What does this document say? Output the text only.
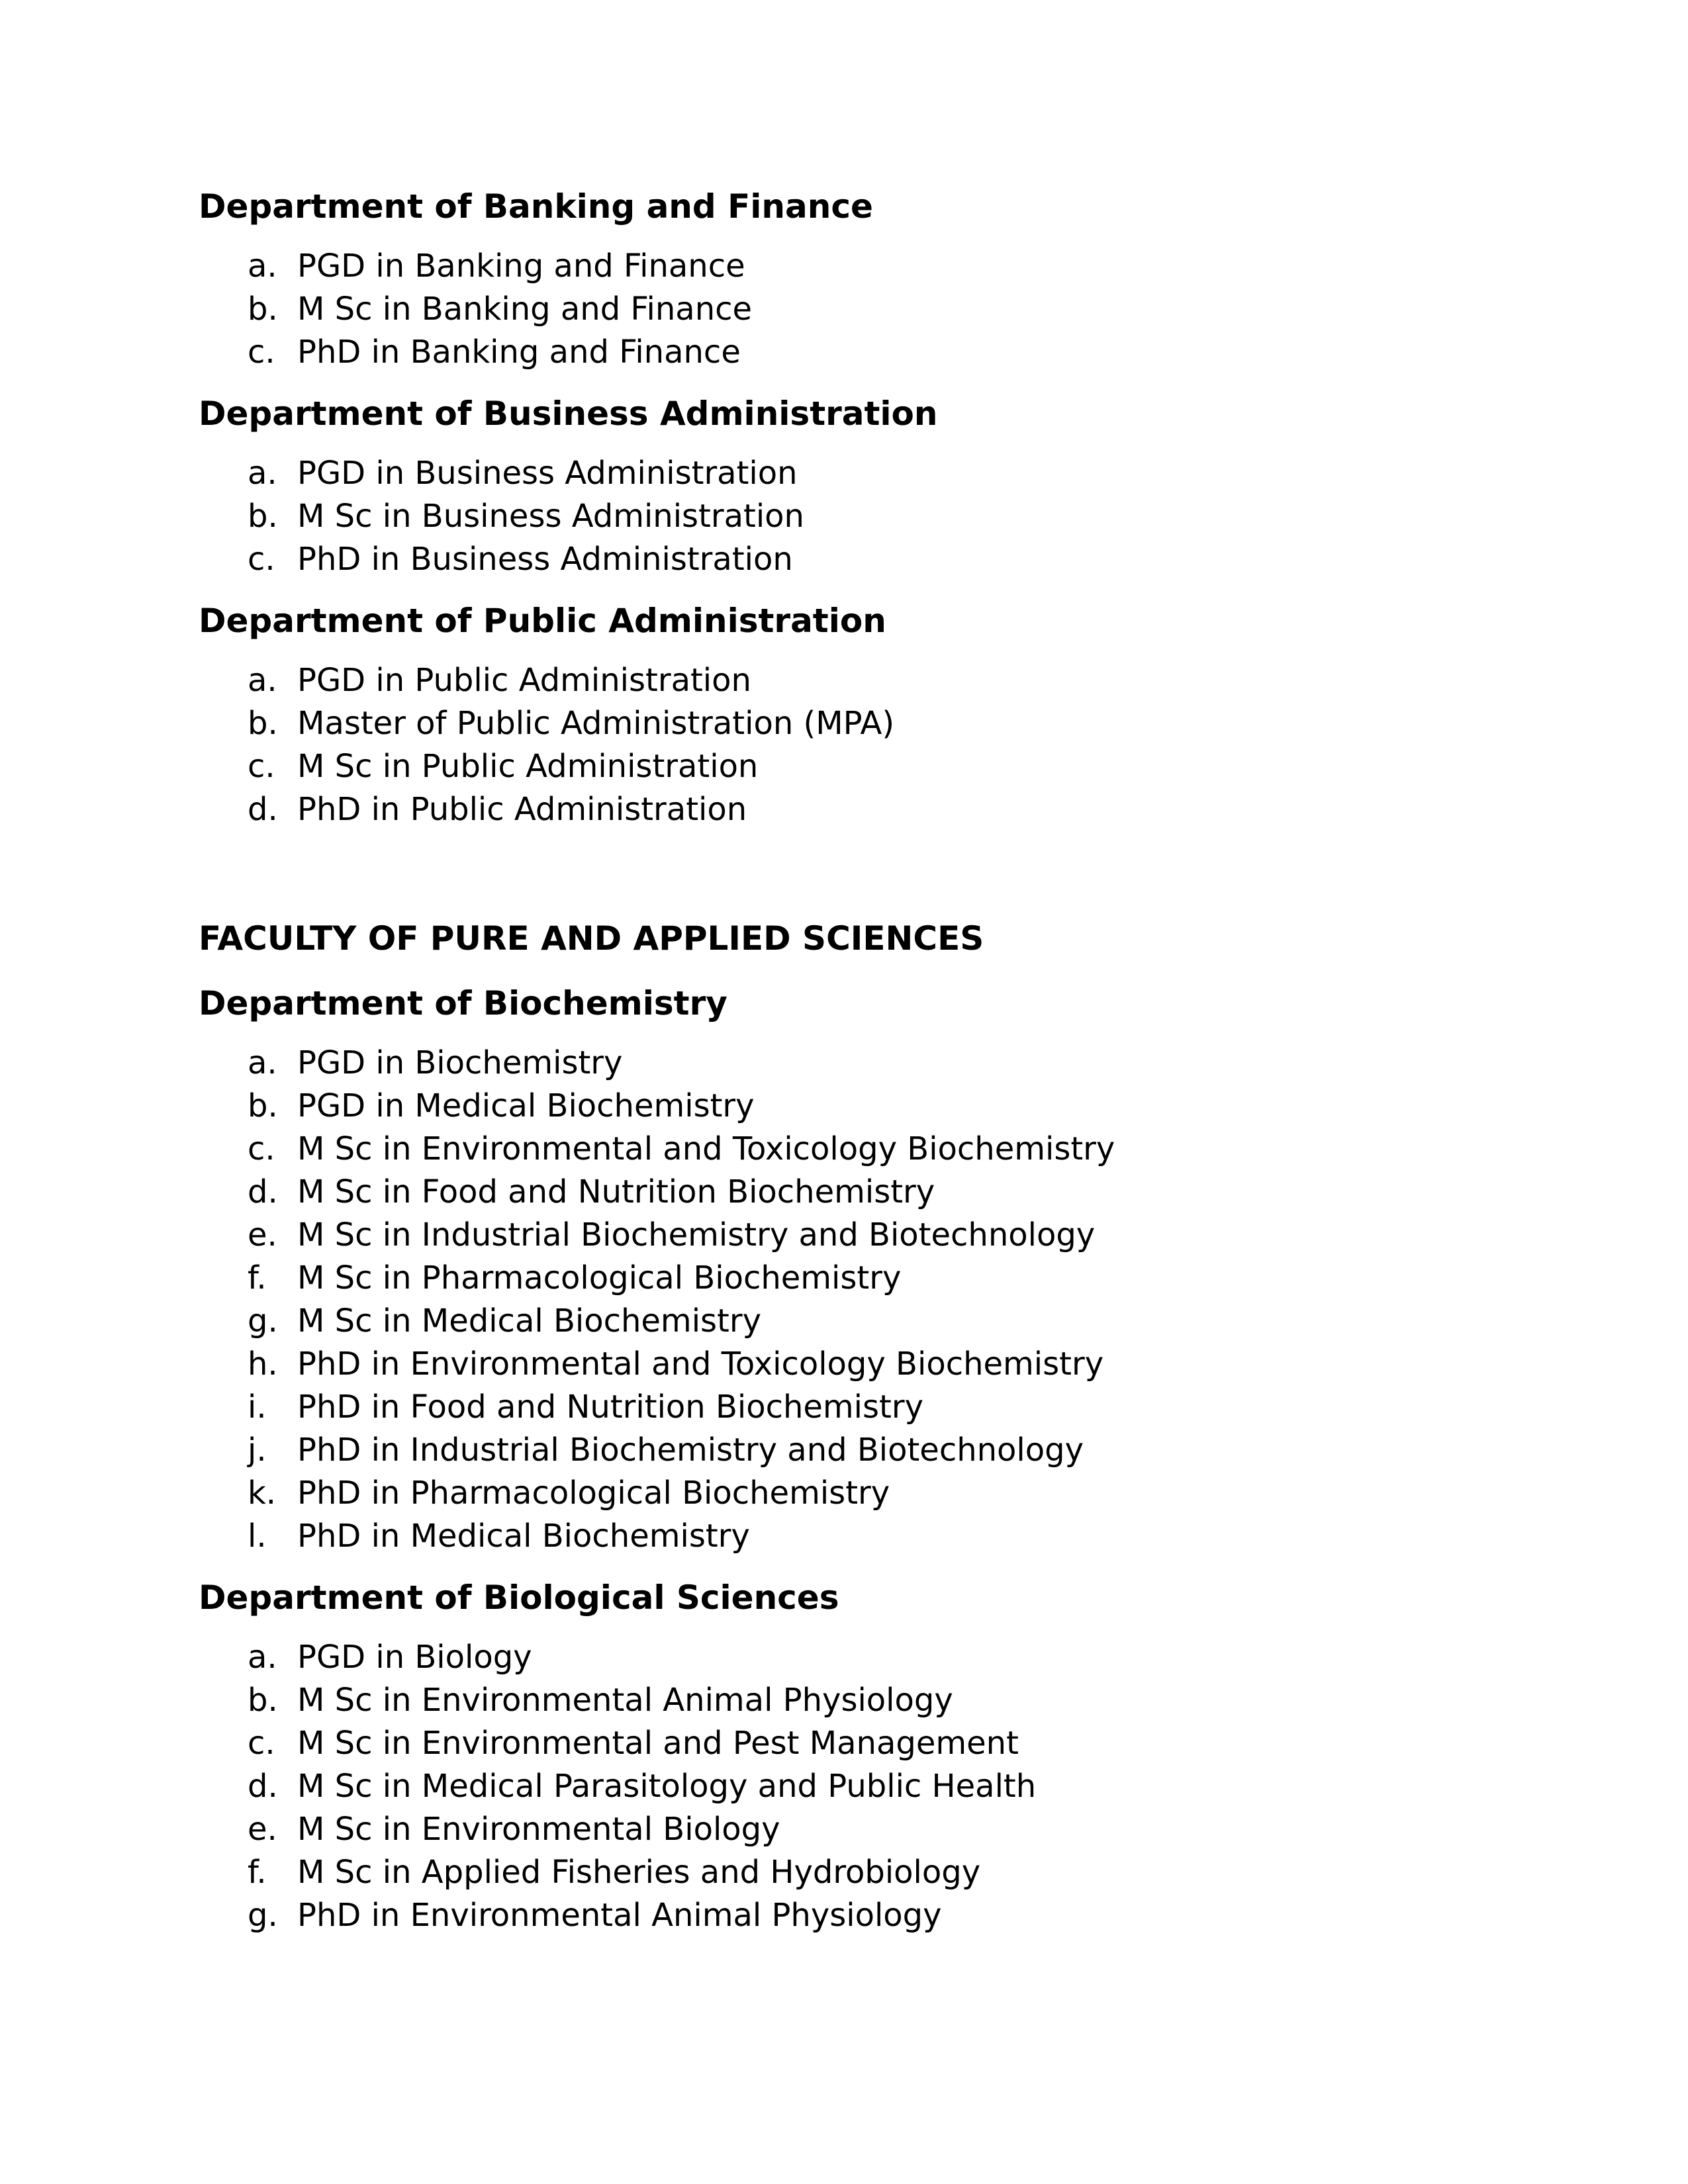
Department of Banking and Finance
a. PGD in Banking and Finance
b. M Sc in Banking and Finance
c. PhD in Banking and Finance
Department of Business Administration
a. PGD in Business Administration
b. M Sc in Business Administration
c. PhD in Business Administration
Department of Public Administration
a. PGD in Public Administration
b. Master of Public Administration (MPA)
c. M Sc in Public Administration
d. PhD in Public Administration
FACULTY OF PURE AND APPLIED SCIENCES
Department of Biochemistry
a. PGD in Biochemistry
b. PGD in Medical Biochemistry
c. M Sc in Environmental and Toxicology Biochemistry
d. M Sc in Food and Nutrition Biochemistry
e. M Sc in Industrial Biochemistry and Biotechnology
f. M Sc in Pharmacological Biochemistry
g. M Sc in Medical Biochemistry
h. PhD in Environmental and Toxicology Biochemistry
i. PhD in Food and Nutrition Biochemistry
j. PhD in Industrial Biochemistry and Biotechnology
k. PhD in Pharmacological Biochemistry
l. PhD in Medical Biochemistry
Department of Biological Sciences
a. PGD in Biology
b. M Sc in Environmental Animal Physiology
c. M Sc in Environmental and Pest Management
d. M Sc in Medical Parasitology and Public Health
e. M Sc in Environmental Biology
f. M Sc in Applied Fisheries and Hydrobiology
g. PhD in Environmental Animal Physiology
